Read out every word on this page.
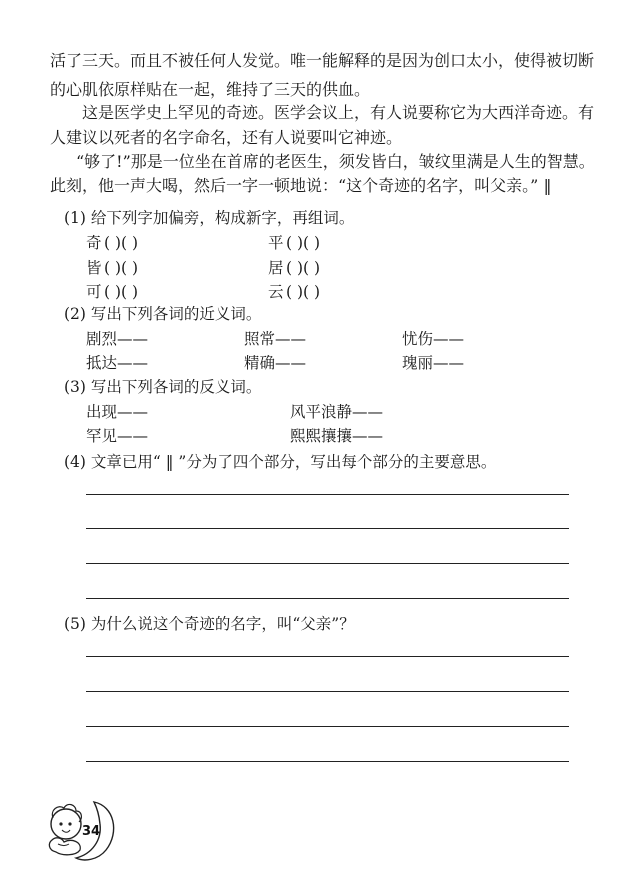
活了三天。而且不被任何人发觉。唯一能解释的是因为创口太小，使得被切断
的心肌依原样贴在一起，维持了三天的供血。
这是医学史上罕见的奇迹。医学会议上，有人说要称它为大西洋奇迹。有
人建议以死者的名字命名，还有人说要叫它神迹。
“够了!”那是一位坐在首席的老医生，须发皆白，皱纹里满是人生的智慧。
此刻，他一声大喝，然后一字一顿地说：“这个奇迹的名字，叫父亲。” ‖
(1) 给下列字加偏旁，构成新字，再组词。
奇 ( )( )	平 ( )( )
皆 ( )( )	居 ( )( )
可 ( )( )	云 ( )( )
(2) 写出下列各词的近义词。
剧烈——	照常——	忧伤——
抵达——	精确——	瑰丽——
(3) 写出下列各词的反义词。
出现——	风平浪静——
罕见——	熙熙攘攘——
(4) 文章已用“ ‖ ”分为了四个部分，写出每个部分的主要意思。
(5) 为什么说这个奇迹的名字，叫“父亲”？
34
